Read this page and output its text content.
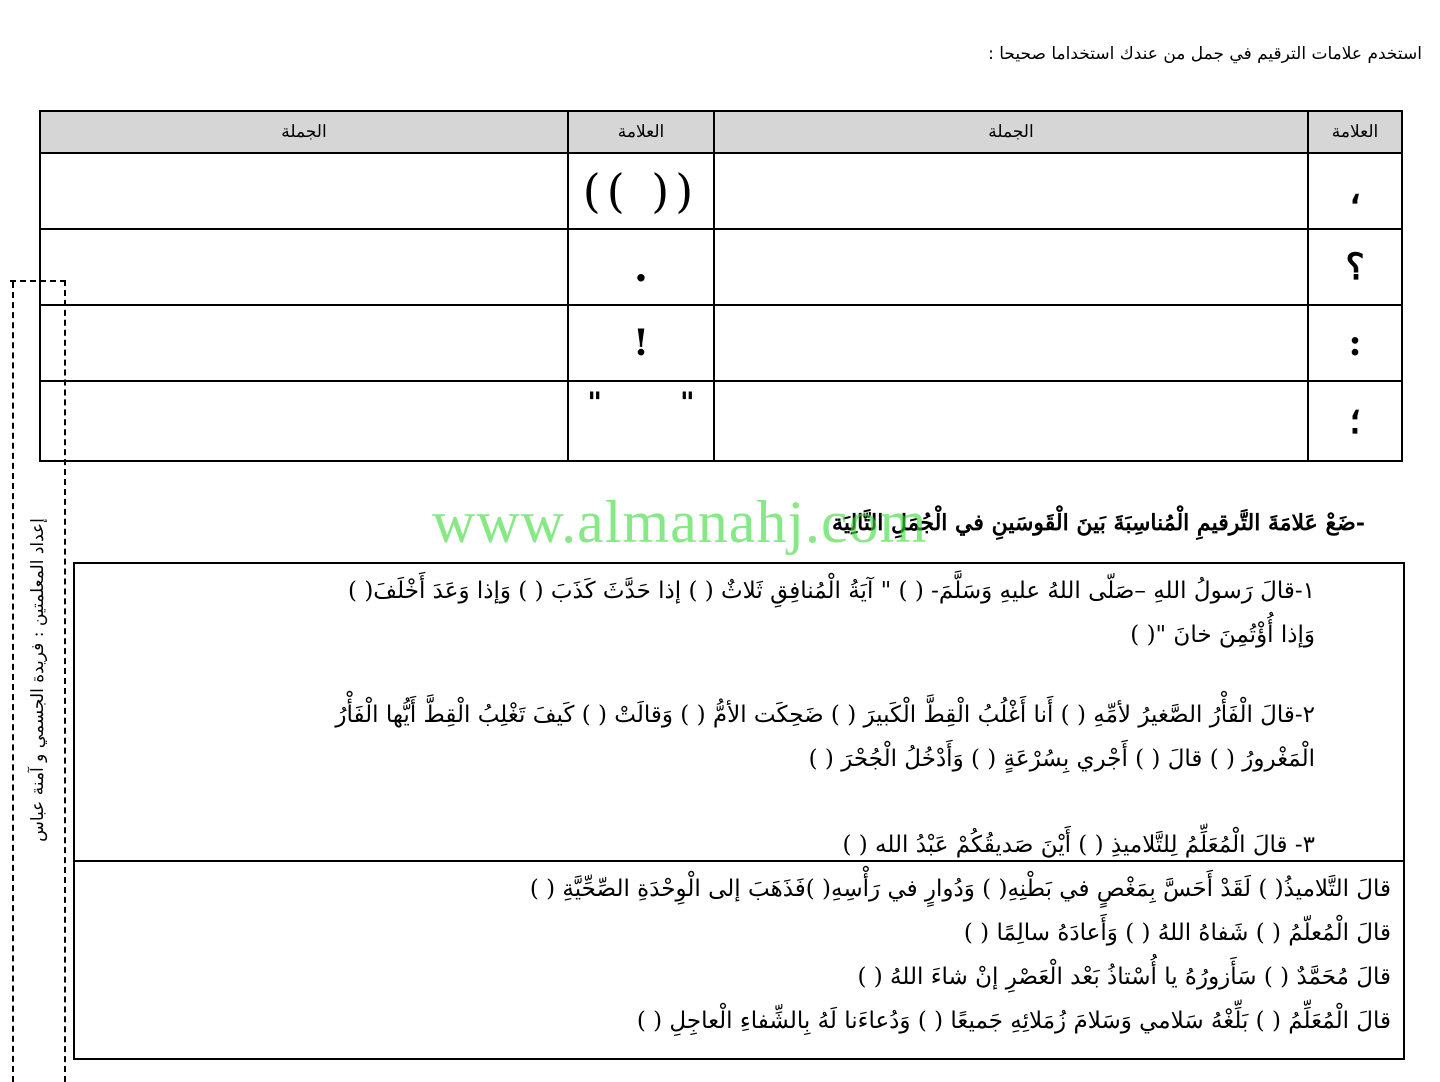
استخدم علامات الترقيم في جمل من عندك استخداما صحيحا :
العلامة	الجملة	العلامة	الجملة
،		(( ))	
؟		.	
:		!	
؛		"        "	
إعداد المعلمتين : فريدة الجسمي و آمنة عباس	-ضَعْ عَلامَةَ التَّرقيمِ الْمُناسِبَةَ بَينَ الْقَوسَينِ في الْجُمَلِ التَّالِيَة
www.almanahj.com
١-قالَ رَسولُ اللهِ –صَلّى اللهُ عليهِ وَسَلَّمَ- ( ) " آيَةُ الْمُنافِقِ ثَلاثٌ ( ) إذا حَدَّثَ كَذَبَ ( ) وَإذا وَعَدَ أَخْلَفَ( )
وَإذا أُؤْتُمِنَ خانَ "( )
٢-قالَ الْفَأْرُ الصَّغيرُ لأمِّهِ ( ) أَنا أَغْلُبُ الْقِطَّ الْكَبيرَ ( ) ضَحِكَت الأمُّ ( ) وَقالَتْ ( ) كَيفَ تَغْلِبُ الْقِطَّ أَيُّها الْفَأْرُ
الْمَغْرورُ ( ) قالَ ( ) أَجْري بِسُرْعَةٍ ( ) وَأَدْخُلُ الْجُحْرَ ( )
٣- قالَ الْمُعَلِّمُ لِلتَّلاميذِ ( ) أَيْنَ صَديقُكُمْ عَبْدُ الله ( )
قالَ التَّلاميذُ( ) لَقَدْ أَحَسَّ بِمَغْصٍ في بَطْنِهِ( ) وَدُوارٍ في رَأْسِهِ( )فَذَهَبَ إلى الْوِحْدَةِ الصِّحِّيَّةِ ( )
قالَ الْمُعلّمُ ( ) شَفاهُ اللهُ ( ) وَأَعادَهُ سالِمًا ( )
قالَ مُحَمَّدٌ ( ) سَأَزورُهُ يا أُسْتاذُ بَعْد الْعَصْرِ إنْ شاءَ اللهُ ( )
قالَ الْمُعَلِّمُ ( ) بَلِّغْهُ سَلامي وَسَلامَ زُمَلائِهِ جَميعًا ( ) وَدُعاءَنا لَهُ بِالشِّفاءِ الْعاجِلِ ( )
